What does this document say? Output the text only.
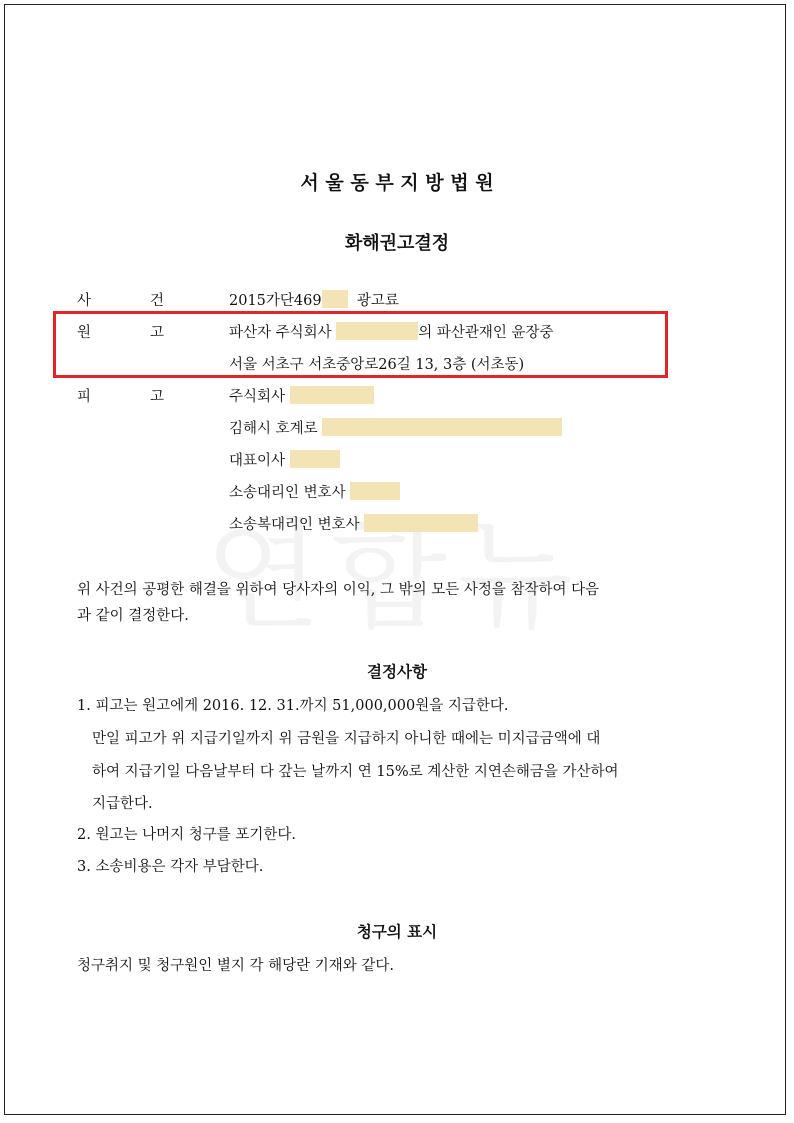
서 울 동 부 지 방 법 원
화해권고결정
사	건	2015가단469 광고료
원	고	파산자 주식회사	의 파산관재인 윤장중
서울 서초구 서초중앙로26길 13, 3층 (서초동)
피	고	주식회사
김해시 호계로
대표이사
소송대리인 변호사
소송복대리인 변호사
위 사건의 공평한 해결을 위하여 당사자의 이익, 그 밖의 모든 사정을 참작하여 다음
과 같이 결정한다.
결정사항
1. 피고는 원고에게 2016. 12. 31.까지 51,000,000원을 지급한다.
만일 피고가 위 지급기일까지 위 금원을 지급하지 아니한 때에는 미지급금액에 대
하여 지급기일 다음날부터 다 갚는 날까지 연 15%로 계산한 지연손해금을 가산하여
지급한다.
2. 원고는 나머지 청구를 포기한다.
3. 소송비용은 각자 부담한다.
청구의 표시
청구취지 및 청구원인 별지 각 해당란 기재와 같다.
